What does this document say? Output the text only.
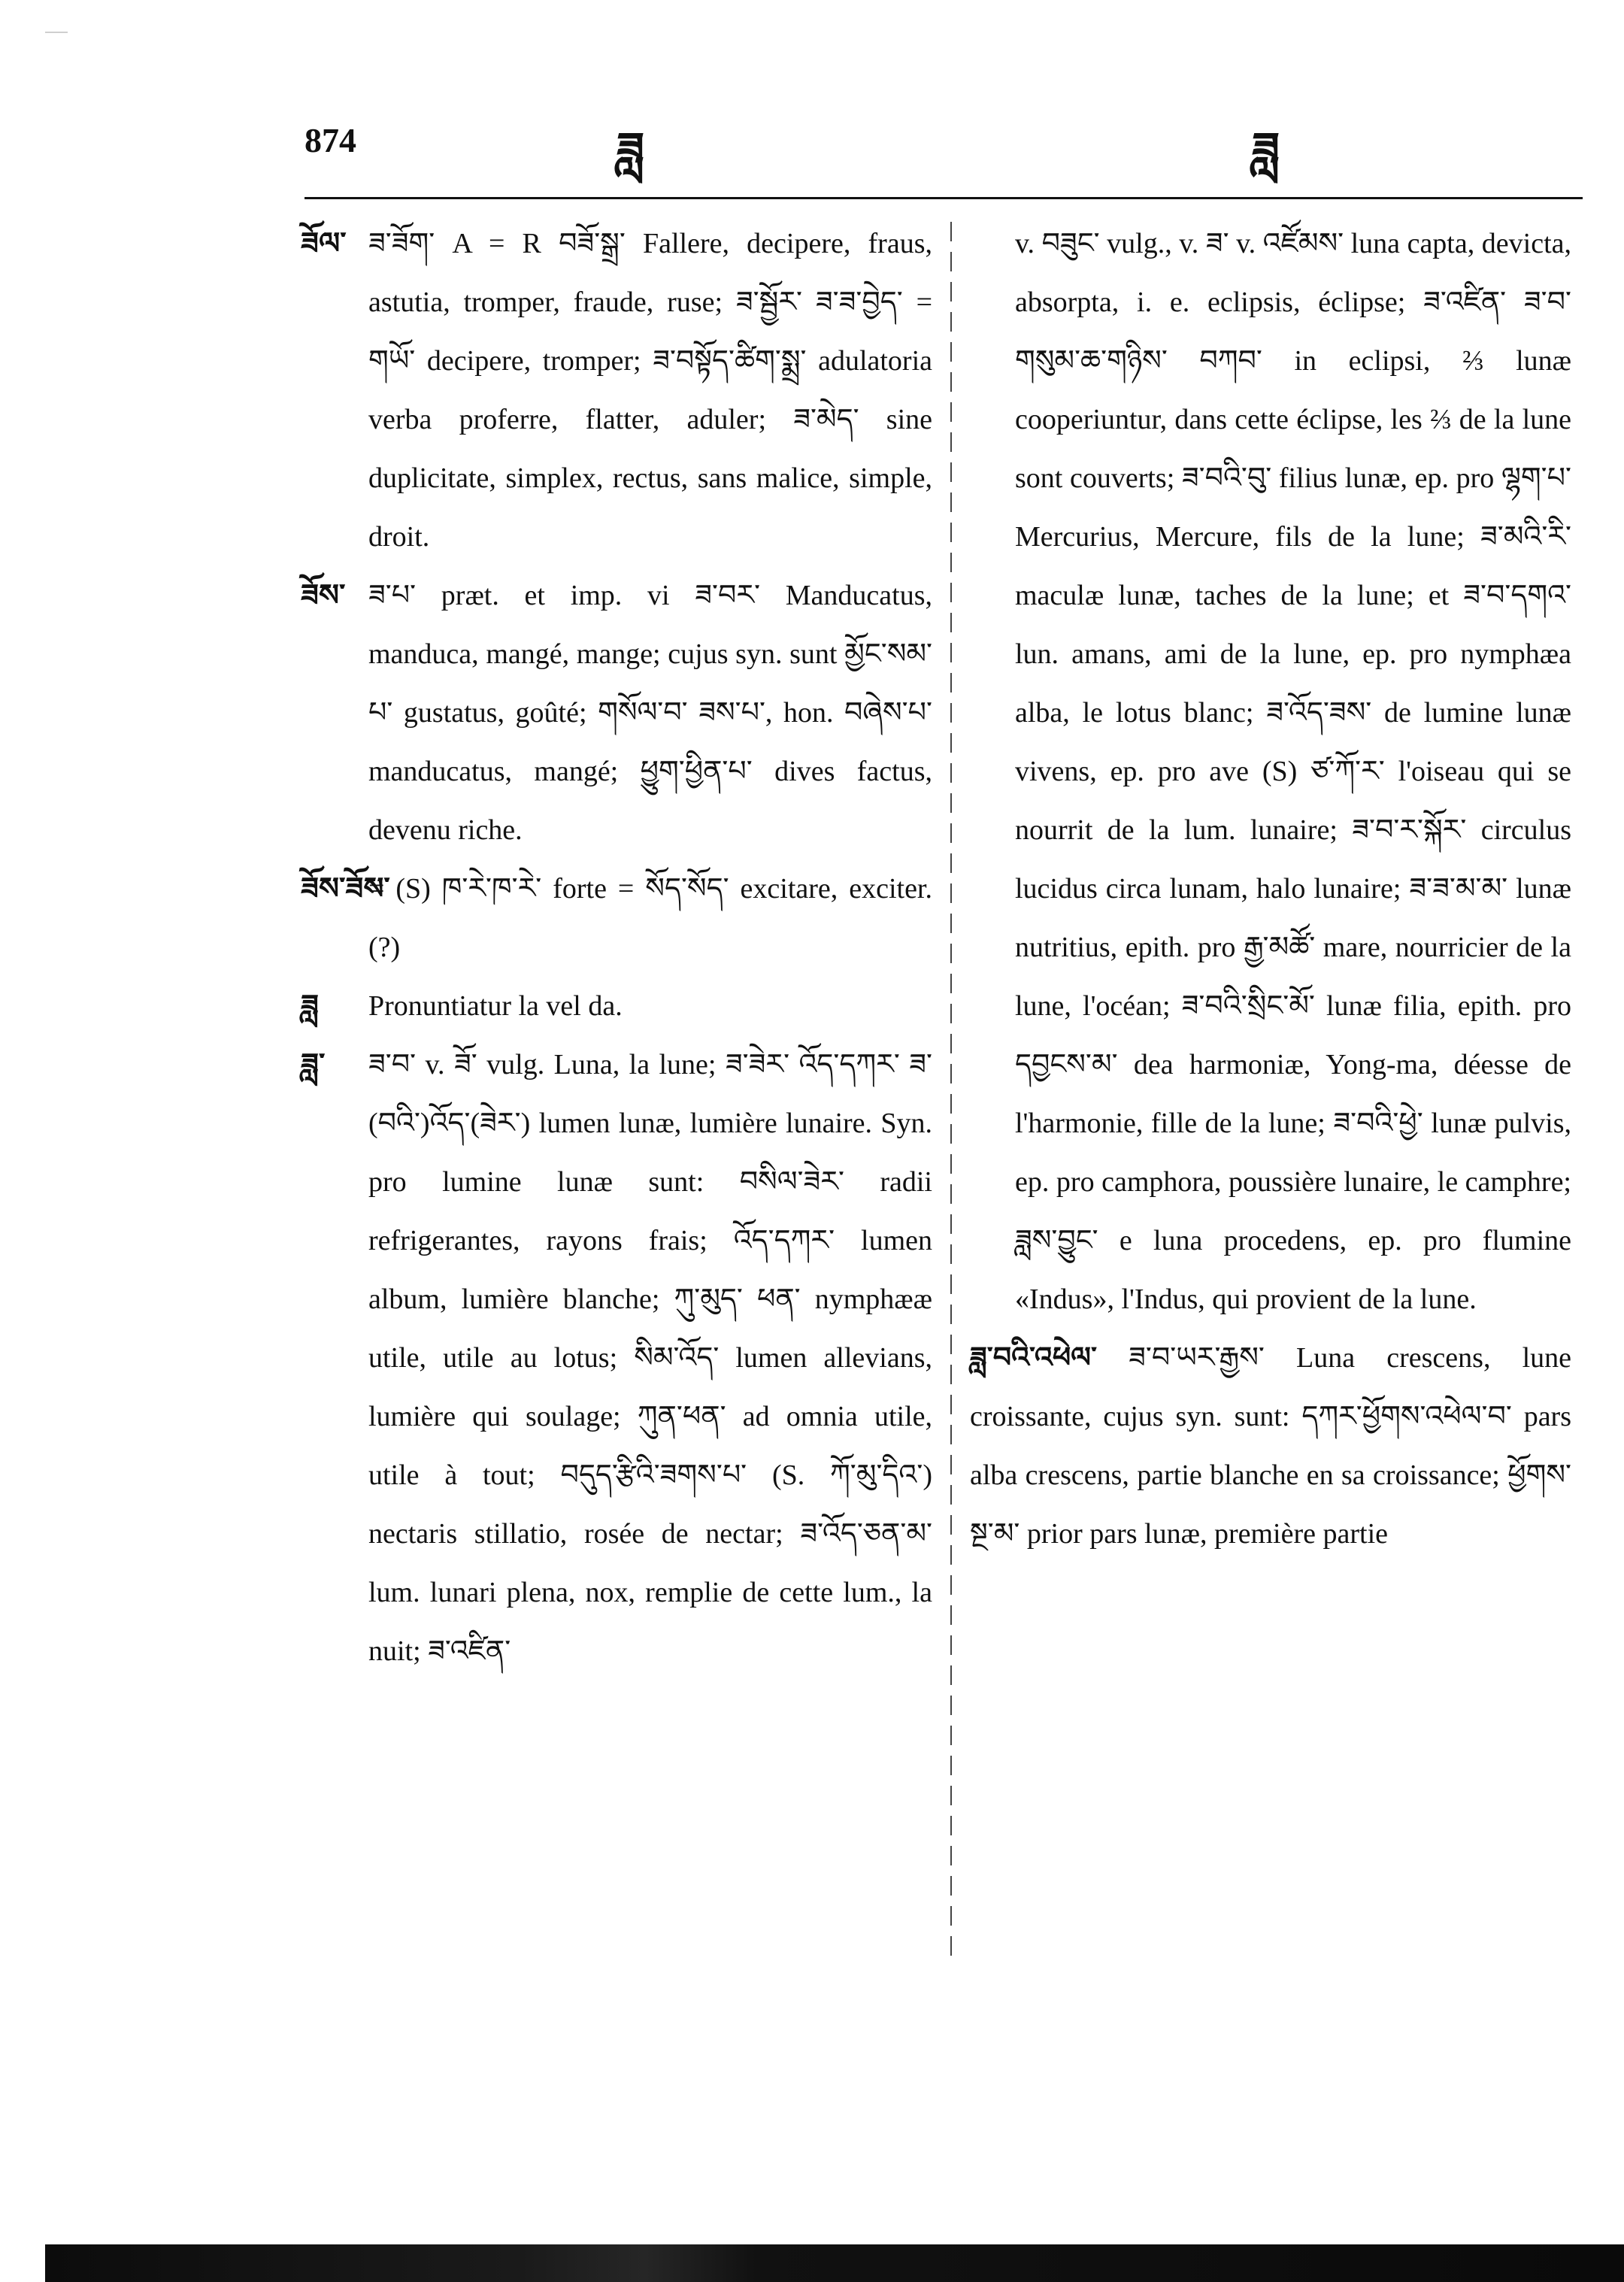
874	ཟླ	ཟླ

ཟོལ་ ཟ་ཟོག་ A = R བཟོ་སྒྲ་ Fallere, decipere, fraus, astutia, tromper, fraude, ruse; ཟ་སྦྱོར་ ཟ་ཟ་བྱེད་ = གཡོ་ decipere, tromper; ཟ་བསྟོད་ཚིག་སྨྲ་ adulatoria verba proferre, flatter, aduler; ཟ་མེད་ sine duplicitate, simplex, rectus, sans malice, simple, droit.

ཟོས་ ཟ་པ་ præt. et imp. vi ཟ་བར་ Manducatus, manduca, mangé, mange; cujus syn. sunt མྱོང་སམ་པ་ gustatus, goûté; གསོལ་བ་ ཟས་པ་, hon. བཞེས་པ་ manducatus, mangé; ཕྱུག་ཕྱིན་པ་ dives factus, devenu riche.

ཟོས་ཟོས་
= (S) ཁ་རེ་ཁ་རེ་ forte = སོད་སོད་ excitare, exciter. (?)

ཟླ Pronuntiatur la vel da.

ཟླ་ ཟ་བ་ v. ཟོ་ vulg. Luna, la lune; ཟ་ཟེར་ འོད་དཀར་ ཟ་(བའི་)འོད་(ཟེར་) lumen lunæ, lumière lunaire. Syn. pro lumine lunæ sunt: བསིལ་ཟེར་ radii refrigerantes, rayons frais; འོད་དཀར་ lumen album, lumière blanche; ཀུ་མུད་ ཕན་ nymphææ utile, utile au lotus; སིམ་འོད་ lumen allevians, lumière qui soulage; ཀུན་ཕན་ ad omnia utile, utile à tout; བདུད་རྩིའི་ཟགས་པ་ (S. ཀོ་མུ་དིའ་) nectaris stillatio, rosée de nectar; ཟ་འོད་ཅན་མ་ lum. lunari plena, nox, remplie de cette lum., la nuit; ཟ་འཛིན་

v. བཟུང་ vulg., v. ཟ་ v. འཛོམས་ luna capta, devicta, absorpta, i. e. eclipsis, éclipse; ཟ་འཛིན་ ཟ་བ་གསུམ་ཆ་གཉིས་ བཀབ་ in eclipsi, ⅔ lunæ cooperiuntur, dans cette éclipse, les ⅔ de la lune sont couverts; ཟ་བའི་བུ་ filius lunæ, ep. pro ལྷག་པ་ Mercurius, Mercure, fils de la lune; ཟ་མའི་རི་ maculæ lunæ, taches de la lune; et ཟ་བ་དགའ་ lun. amans, ami de la lune, ep. pro nymphæa alba, le lotus blanc; ཟ་འོད་ཟས་ de lumine lunæ vivens, ep. pro ave (S) ཙ་ཀོ་ར་ l'oiseau qui se nourrit de la lum. lunaire; ཟ་བ་ར་སྐོར་ circulus lucidus circa lunam, halo lunaire; ཟ་ཟ་མ་མ་ lunæ nutritius, epith. pro རྒྱ་མཚོ་ mare, nourricier de la lune, l'océan; ཟ་བའི་སྲིང་མོ་ lunæ filia, epith. pro དབྱངས་མ་ dea harmoniæ, Yong-ma, déesse de l'harmonie, fille de la lune; ཟ་བའི་ཕྱེ་ lunæ pulvis, ep. pro camphora, poussière lunaire, le camphre; ཟླས་བྱུང་ e luna procedens, ep. pro flumine «Indus», l'Indus, qui provient de la lune.

ཟླ་བའི་འཕེལ་ ཟ་བ་ཡར་རྒྱས་ Luna crescens, lune croissante, cujus syn. sunt: དཀར་ཕྱོགས་འཕེལ་བ་ pars alba crescens, partie blanche en sa croissance; ཕྱོགས་སྔ་མ་ prior pars lunæ, première partie
